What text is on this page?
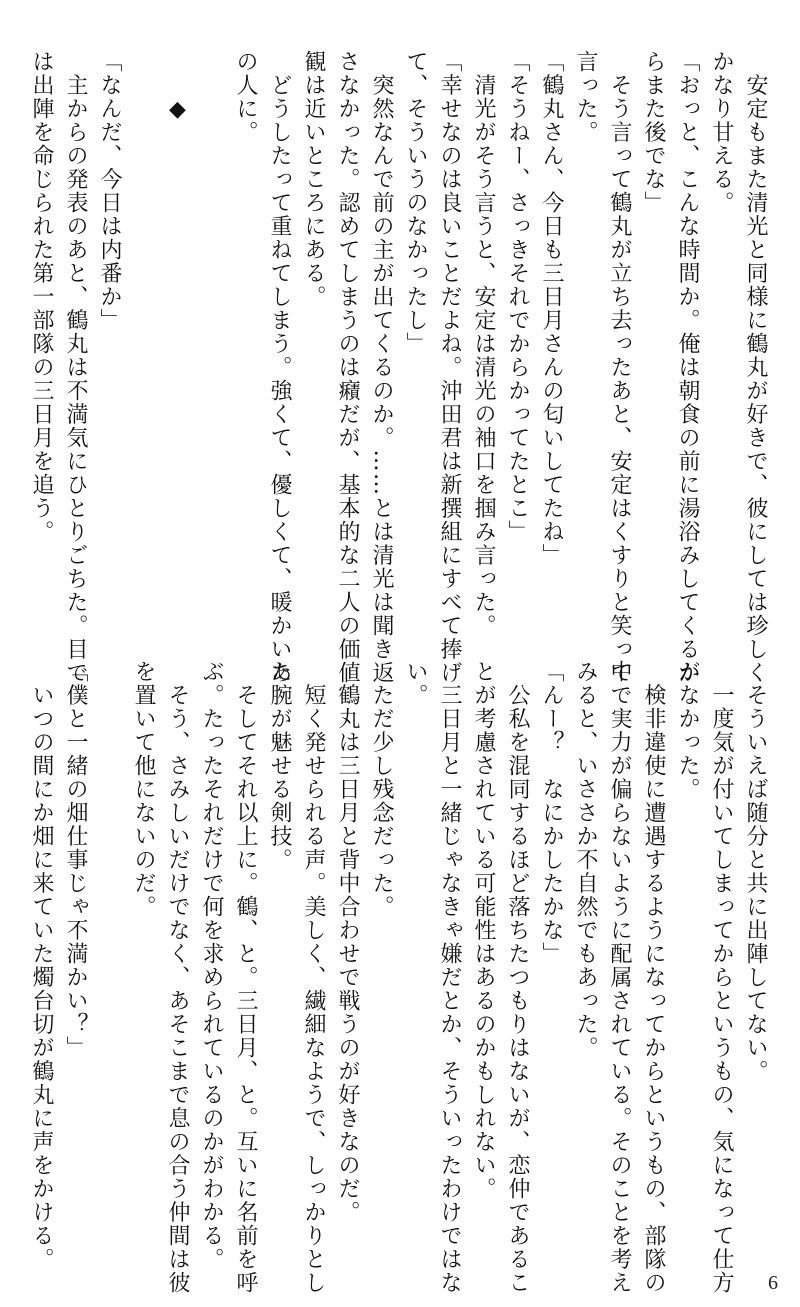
　安定もまた清光と同様に鶴丸が好きで、彼にしては珍しく
かなり甘える。
「おっと、こんな時間か。俺は朝食の前に湯浴みしてくるか
らまた後でな」
　そう言って鶴丸が立ち去ったあと、安定はくすりと笑って
言った。
「鶴丸さん、今日も三日月さんの匂いしてたね」
「そうねー、さっきそれでからかってたとこ」
　清光がそう言うと、安定は清光の袖口を掴み言った。
「幸せなのは良いことだよね。沖田君は新撰組にすべて捧げ
て、そういうのなかったし」
　突然なんで前の主が出てくるのか。……とは清光は聞き返
さなかった。認めてしまうのは癪だが、基本的な二人の価値
観は近いところにある。
　どうしたって重ねてしまう。強くて、優しくて、暖かいあ
の人に。

　　◆

「なんだ、今日は内番か」
　主からの発表のあと、鶴丸は不満気にひとりごちた。目で
は出陣を命じられた第一部隊の三日月を追う。
　そういえば随分と共に出陣してない。
　一度気が付いてしまってからというもの、気になって仕方
がなかった。
　検非違使に遭遇するようになってからというもの、部隊の
中で実力が偏らないように配属されている。そのことを考え
みると、いささか不自然でもあった。
「んー？　なにかしたかな」
　公私を混同するほど落ちたつもりはないが、恋仲であるこ
とが考慮されている可能性はあるのかもしれない。
　三日月と一緒じゃなきゃ嫌だとか、そういったわけではな
い。
　ただ少し残念だった。
　鶴丸は三日月と背中合わせで戦うのが好きなのだ。
　短く発せられる声。美しく、繊細なようで、しっかりとし
た腕が魅せる剣技。
　そしてそれ以上に。鶴、と。三日月、と。互いに名前を呼
ぶ。たったそれだけで何を求められているのかがわかる。
　そう、さみしいだけでなく、あそこまで息の合う仲間は彼
を置いて他にないのだ。

「僕と一緒の畑仕事じゃ不満かい？」
　いつの間にか畑に来ていた燭台切が鶴丸に声をかける。
6
